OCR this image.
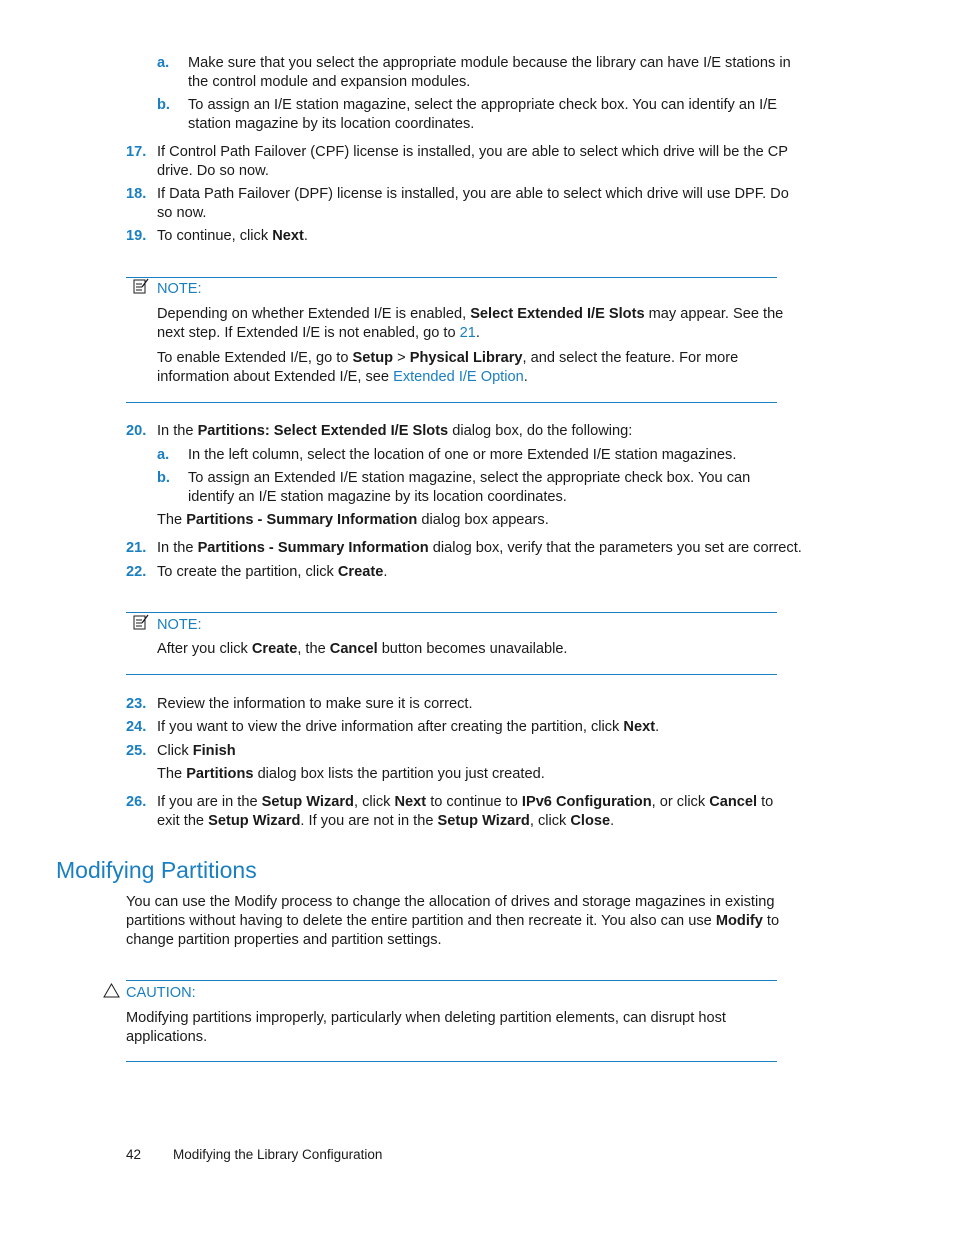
a. Make sure that you select the appropriate module because the library can have I/E stations in the control module and expansion modules.
b. To assign an I/E station magazine, select the appropriate check box. You can identify an I/E station magazine by its location coordinates.
17. If Control Path Failover (CPF) license is installed, you are able to select which drive will be the CP drive. Do so now.
18. If Data Path Failover (DPF) license is installed, you are able to select which drive will use DPF. Do so now.
19. To continue, click Next.
NOTE:
Depending on whether Extended I/E is enabled, Select Extended I/E Slots may appear. See the next step. If Extended I/E is not enabled, go to 21.
To enable Extended I/E, go to Setup > Physical Library, and select the feature. For more information about Extended I/E, see Extended I/E Option.
20. In the Partitions: Select Extended I/E Slots dialog box, do the following:
a. In the left column, select the location of one or more Extended I/E station magazines.
b. To assign an Extended I/E station magazine, select the appropriate check box. You can identify an I/E station magazine by its location coordinates.
The Partitions - Summary Information dialog box appears.
21. In the Partitions - Summary Information dialog box, verify that the parameters you set are correct.
22. To create the partition, click Create.
NOTE:
After you click Create, the Cancel button becomes unavailable.
23. Review the information to make sure it is correct.
24. If you want to view the drive information after creating the partition, click Next.
25. Click Finish
The Partitions dialog box lists the partition you just created.
26. If you are in the Setup Wizard, click Next to continue to IPv6 Configuration, or click Cancel to exit the Setup Wizard. If you are not in the Setup Wizard, click Close.
Modifying Partitions
You can use the Modify process to change the allocation of drives and storage magazines in existing partitions without having to delete the entire partition and then recreate it. You also can use Modify to change partition properties and partition settings.
CAUTION:
Modifying partitions improperly, particularly when deleting partition elements, can disrupt host applications.
42 Modifying the Library Configuration
